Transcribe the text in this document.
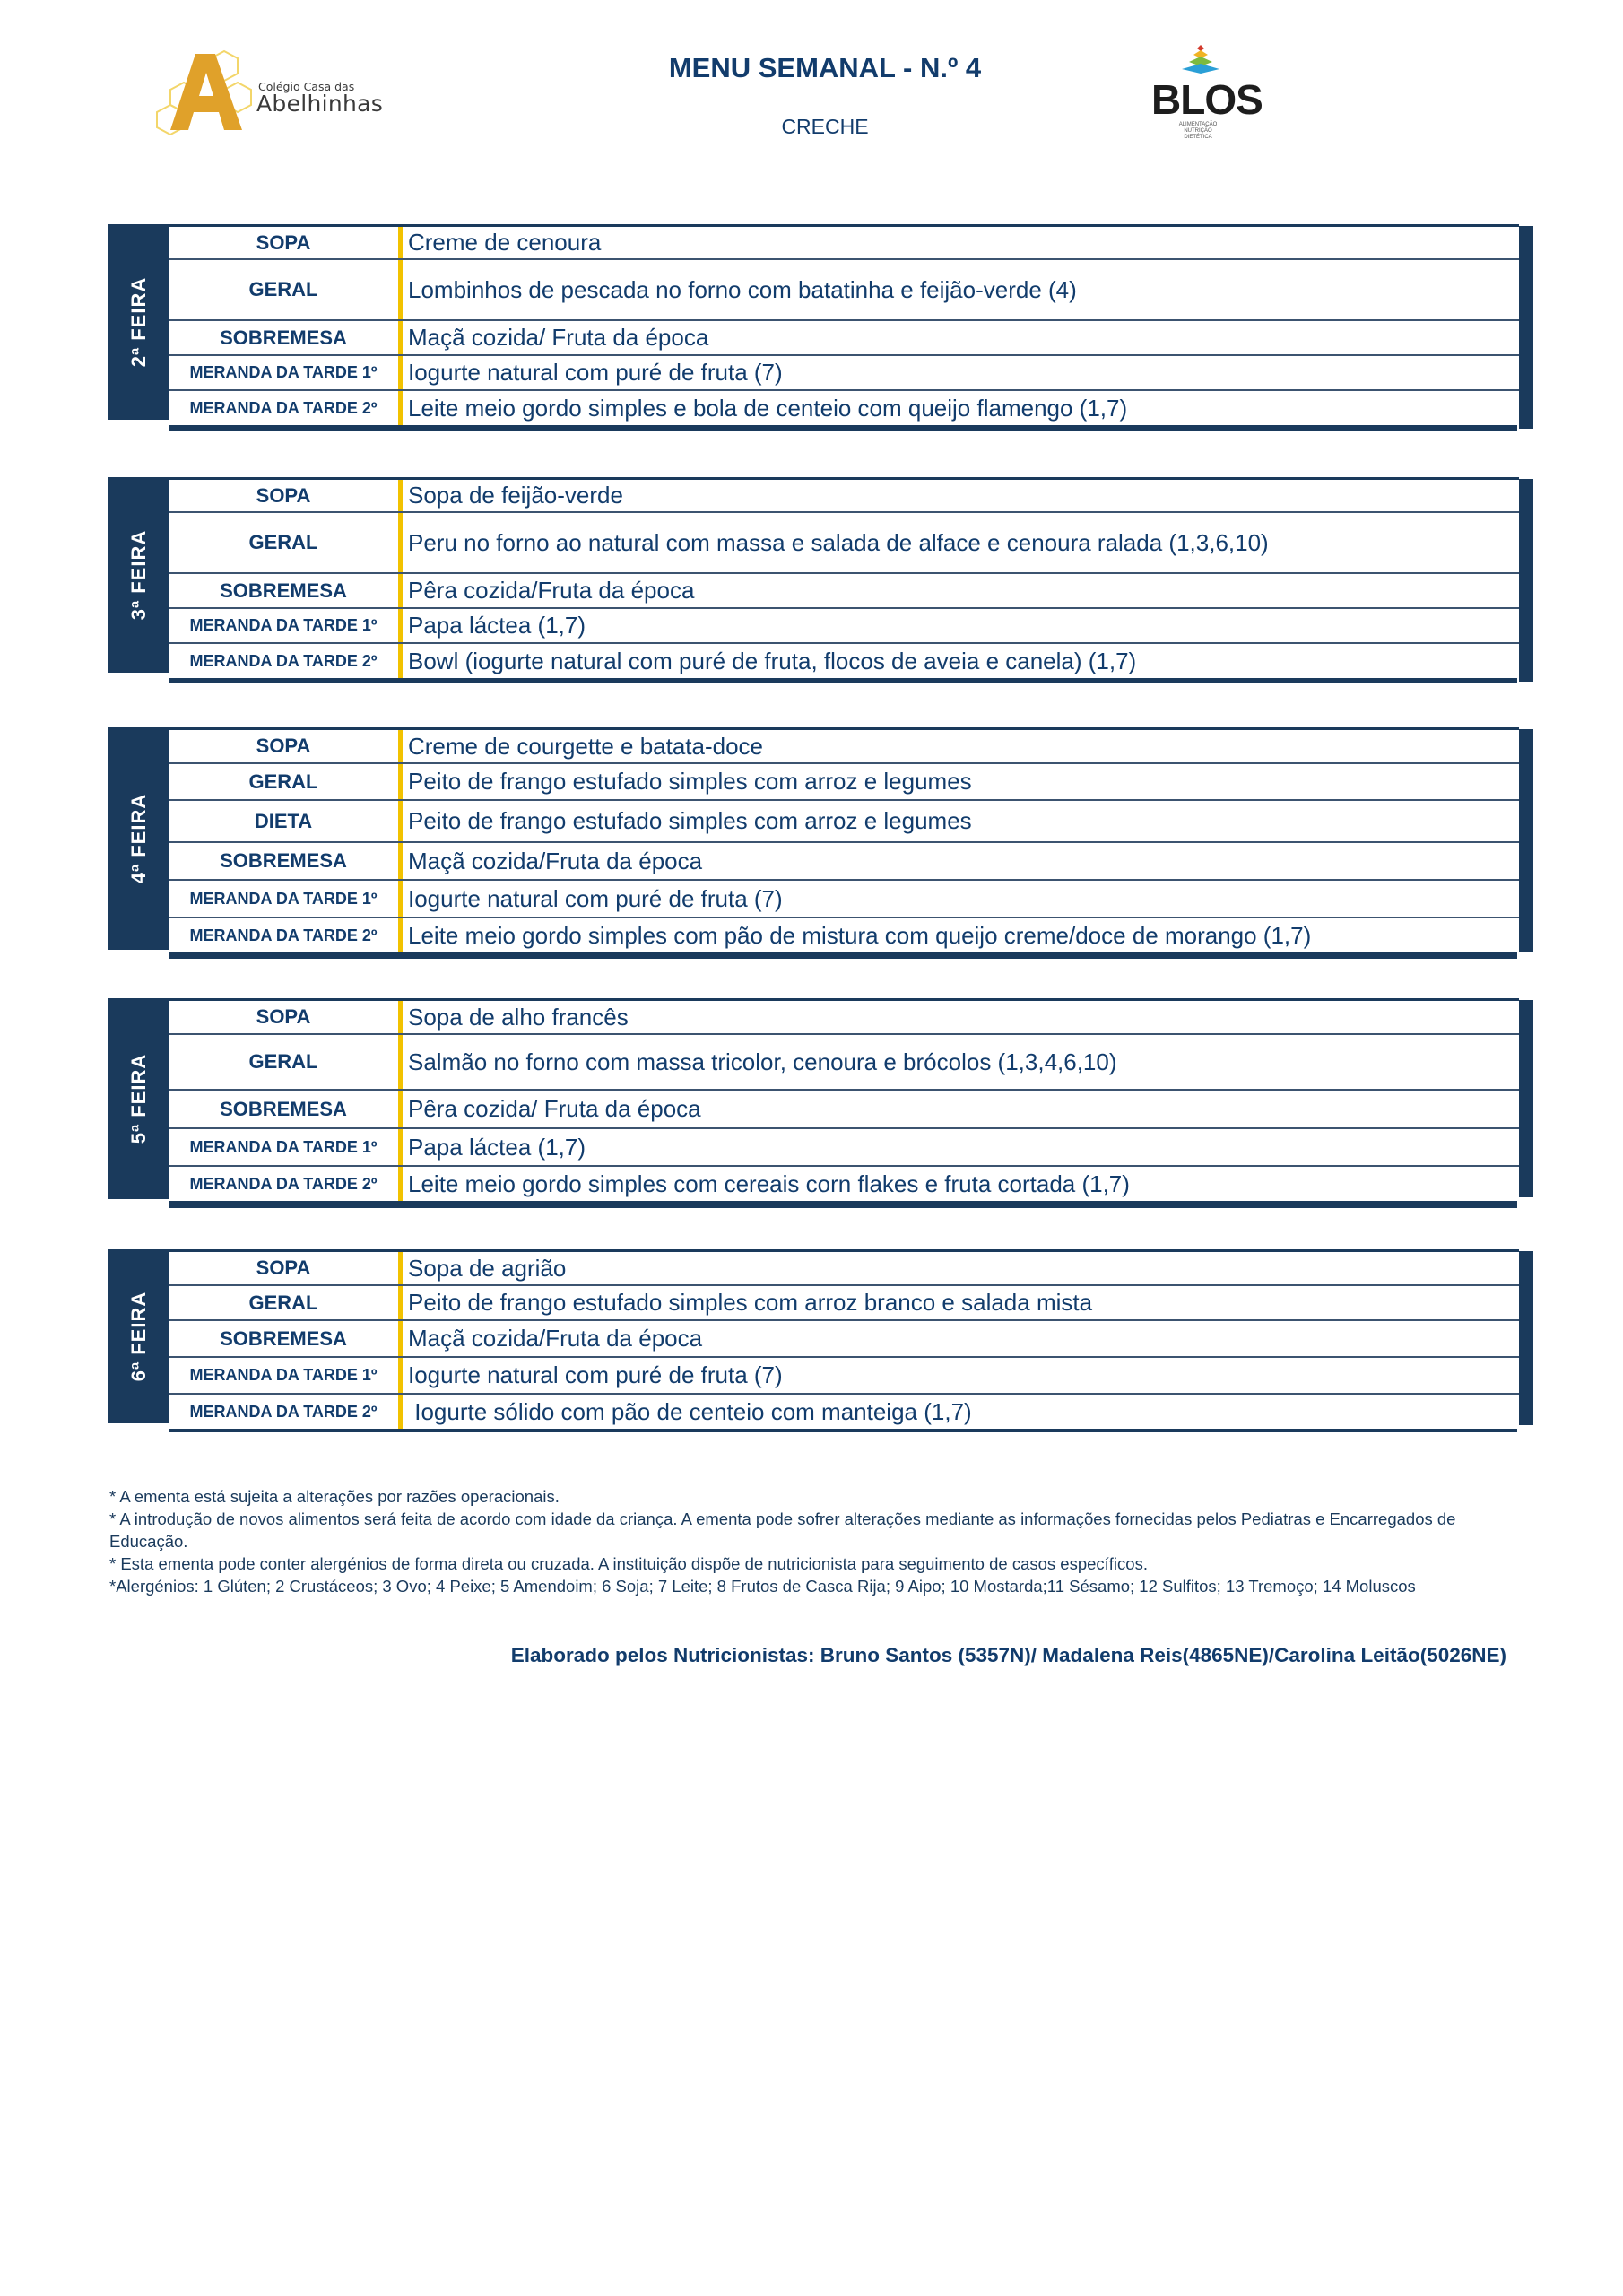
Colégio Casa das
Abelhinhas
MENU SEMANAL - N.º 4
CRECHE
BLOS
ALIMENTAÇÃO
NUTRIÇÃO
DIETÉTICA
2ª FEIRA
SOPA	Creme de cenoura
GERAL	Lombinhos de pescada no forno com batatinha e feijão-verde (4)
SOBREMESA	Maçã cozida/ Fruta da época
MERANDA DA TARDE 1º	Iogurte natural com puré de fruta (7)
MERANDA DA TARDE 2º	Leite meio gordo simples e bola de centeio com queijo flamengo (1,7)
3ª FEIRA
SOPA	Sopa de feijão-verde
GERAL	Peru no forno ao natural com massa e salada de alface e cenoura ralada (1,3,6,10)
SOBREMESA	Pêra cozida/Fruta da época
MERANDA DA TARDE 1º	Papa láctea (1,7)
MERANDA DA TARDE 2º	Bowl (iogurte natural com puré de fruta, flocos de aveia e canela) (1,7)
4ª FEIRA
SOPA	Creme de courgette e batata-doce
GERAL	Peito de frango estufado simples com arroz e legumes
DIETA	Peito de frango estufado simples com arroz e legumes
SOBREMESA	Maçã cozida/Fruta da época
MERANDA DA TARDE 1º	Iogurte natural com puré de fruta (7)
MERANDA DA TARDE 2º	Leite meio gordo simples com pão de mistura com queijo creme/doce de morango (1,7)
5ª FEIRA
SOPA	Sopa de alho francês
GERAL	Salmão no forno com massa tricolor, cenoura e brócolos (1,3,4,6,10)
SOBREMESA	Pêra cozida/ Fruta da época
MERANDA DA TARDE 1º	Papa láctea (1,7)
MERANDA DA TARDE 2º	Leite meio gordo simples com cereais corn flakes e fruta cortada (1,7)
6ª FEIRA
SOPA	Sopa de agrião
GERAL	Peito de frango estufado simples com arroz branco e salada mista
SOBREMESA	Maçã cozida/Fruta da época
MERANDA DA TARDE 1º	Iogurte natural com puré de fruta (7)
MERANDA DA TARDE 2º	Iogurte sólido com pão de centeio com manteiga (1,7)
* A ementa está sujeita a alterações por razões operacionais.
* A introdução de novos alimentos será feita de acordo com idade da criança. A ementa pode sofrer alterações mediante as informações fornecidas pelos Pediatras e Encarregados de Educação.
* Esta ementa pode conter alergénios de forma direta ou cruzada. A instituição dispõe de nutricionista para seguimento de casos específicos.
*Alergénios: 1 Glúten; 2 Crustáceos; 3 Ovo; 4 Peixe; 5 Amendoim; 6 Soja; 7 Leite; 8 Frutos de Casca Rija; 9 Aipo; 10 Mostarda;11 Sésamo; 12 Sulfitos; 13 Tremoço; 14 Moluscos
Elaborado pelos Nutricionistas: Bruno Santos (5357N)/ Madalena Reis(4865NE)/Carolina Leitão(5026NE)
